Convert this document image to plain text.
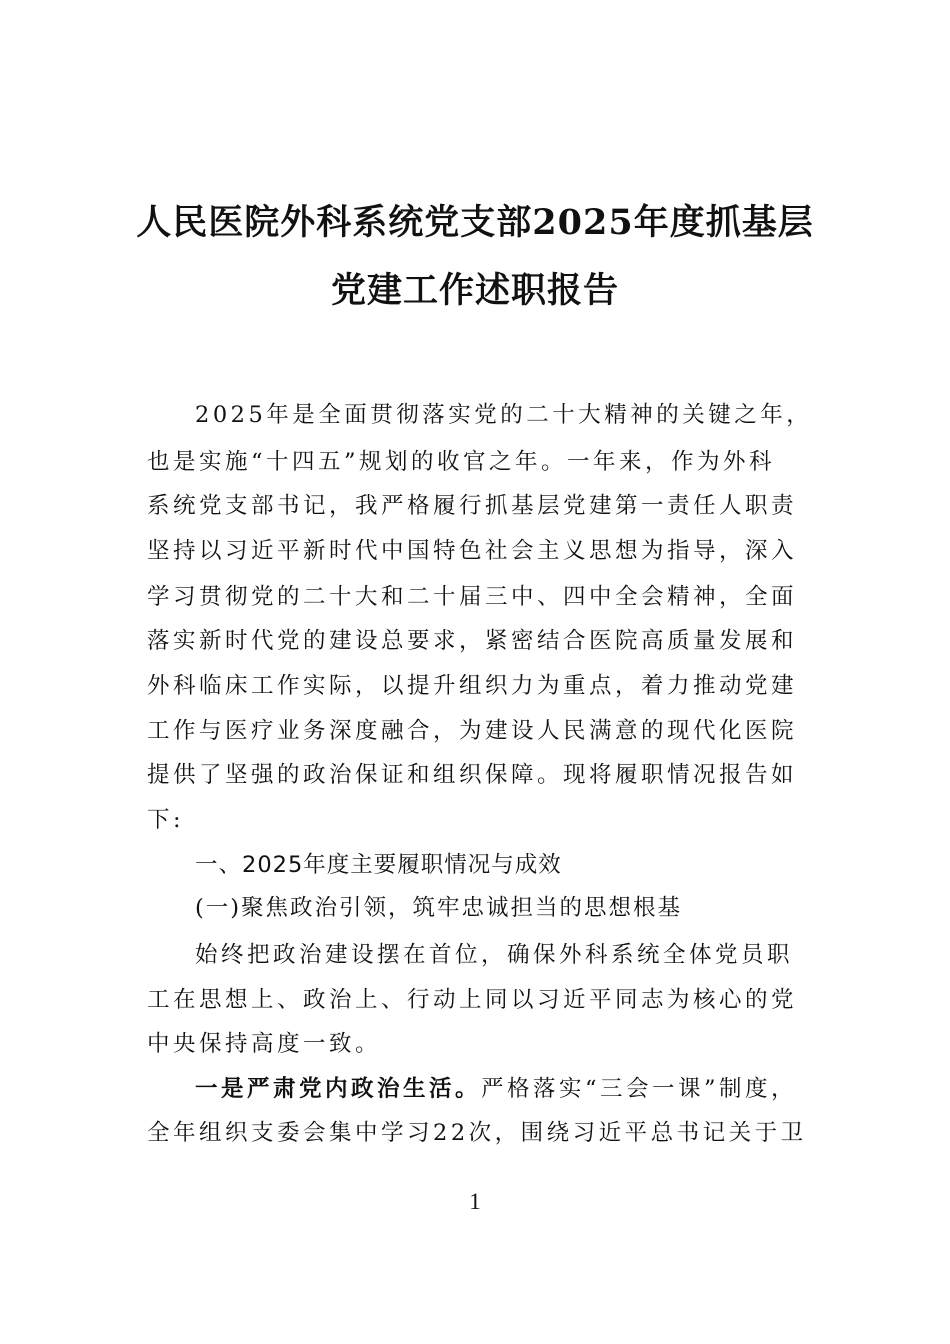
人民医院外科系统党支部2025年度抓基层
党建工作述职报告
2025年是全面贯彻落实党的二十大精神的关键之年，
也是实施“十四五”规划的收官之年。一年来，作为外科
系统党支部书记，我严格履行抓基层党建第一责任人职责
坚持以习近平新时代中国特色社会主义思想为指导，深入
学习贯彻党的二十大和二十届三中、四中全会精神，全面
落实新时代党的建设总要求，紧密结合医院高质量发展和
外科临床工作实际，以提升组织力为重点，着力推动党建
工作与医疗业务深度融合，为建设人民满意的现代化医院
提供了坚强的政治保证和组织保障。现将履职情况报告如
下:
一、2025年度主要履职情况与成效
(一)聚焦政治引领，筑牢忠诚担当的思想根基
始终把政治建设摆在首位，确保外科系统全体党员职
工在思想上、政治上、行动上同以习近平同志为核心的党
中央保持高度一致。
一是严肃党内政治生活。严格落实“三会一课”制度，
全年组织支委会集中学习22次，围绕习近平总书记关于卫
1
